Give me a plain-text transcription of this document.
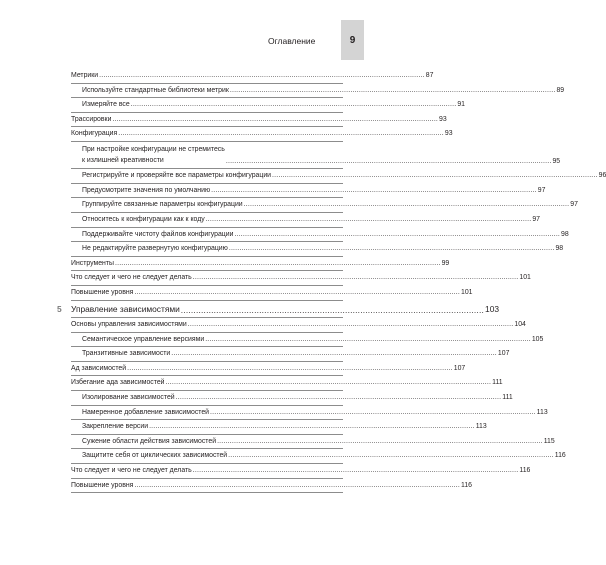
Оглавление	9
Метрики .......................................................................................................................................................... 87
Используйте стандартные библиотеки метрик .......................................................................................................................................................... 89
Измеряйте все .......................................................................................................................................................... 91
Трассировки .......................................................................................................................................................... 93
Конфигурация .......................................................................................................................................................... 93
При настройке конфигурации не стремитесь
к излишней креативности	.......................................................................................................................................................... 95
Регистрируйте и проверяйте все параметры конфигурации .......................................................................................................................................................... 96
Предусмотрите значения по умолчанию .......................................................................................................................................................... 97
Группируйте связанные параметры конфигурации .......................................................................................................................................................... 97
Относитесь к конфигурации как к коду .......................................................................................................................................................... 97
Поддерживайте чистоту файлов конфигурации .......................................................................................................................................................... 98
Не редактируйте развернутую конфигурацию .......................................................................................................................................................... 98
Инструменты .......................................................................................................................................................... 99
Что следует и чего не следует делать .......................................................................................................................................................... 101
Повышение уровня .......................................................................................................................................................... 101
5 Управление зависимостями ........................................................................................................................ 103
Основы управления зависимостями .......................................................................................................................................................... 104
Семантическое управление версиями .......................................................................................................................................................... 105
Транзитивные зависимости .......................................................................................................................................................... 107
Ад зависимостей .......................................................................................................................................................... 107
Избегание ада зависимостей .......................................................................................................................................................... 111
Изолирование зависимостей .......................................................................................................................................................... 111
Намеренное добавление зависимостей .......................................................................................................................................................... 113
Закрепление версии .......................................................................................................................................................... 113
Сужение области действия зависимостей .......................................................................................................................................................... 115
Защитите себя от циклических зависимостей .......................................................................................................................................................... 116
Что следует и чего не следует делать .......................................................................................................................................................... 116
Повышение уровня .......................................................................................................................................................... 116
